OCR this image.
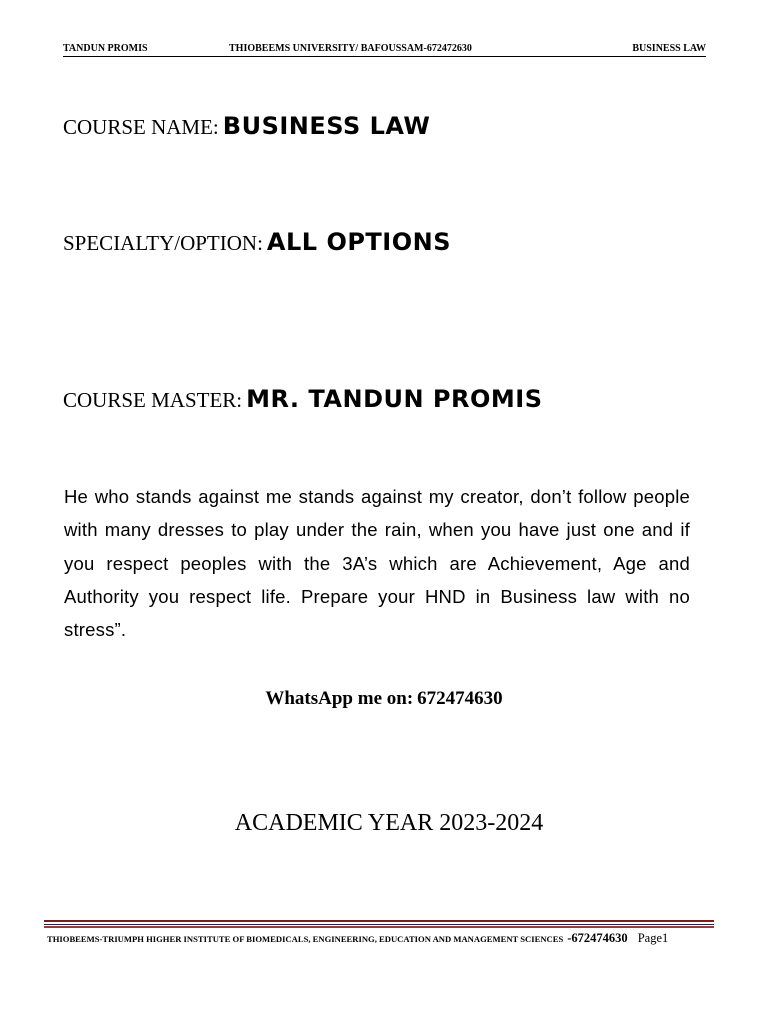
TANDUN PROMIS	THIOBEEMS UNIVERSITY/ BAFOUSSAM-672472630	BUSINESS LAW
COURSE NAME: BUSINESS LAW
SPECIALTY/OPTION: ALL OPTIONS
COURSE MASTER: MR. TANDUN PROMIS
He who stands against me stands against my creator, don’t follow people with many dresses to play under the rain, when you have just one and if you respect peoples with the 3A’s which are Achievement, Age and Authority you respect life. Prepare your HND in Business law with no stress”.
WhatsApp me on: 672474630
ACADEMIC YEAR 2023-2024
THIOBEEMS-TRIUMPH HIGHER INSTITUTE OF BIOMEDICALS, ENGINEERING, EDUCATION AND MANAGEMENT SCIENCES -672474630 Page1
